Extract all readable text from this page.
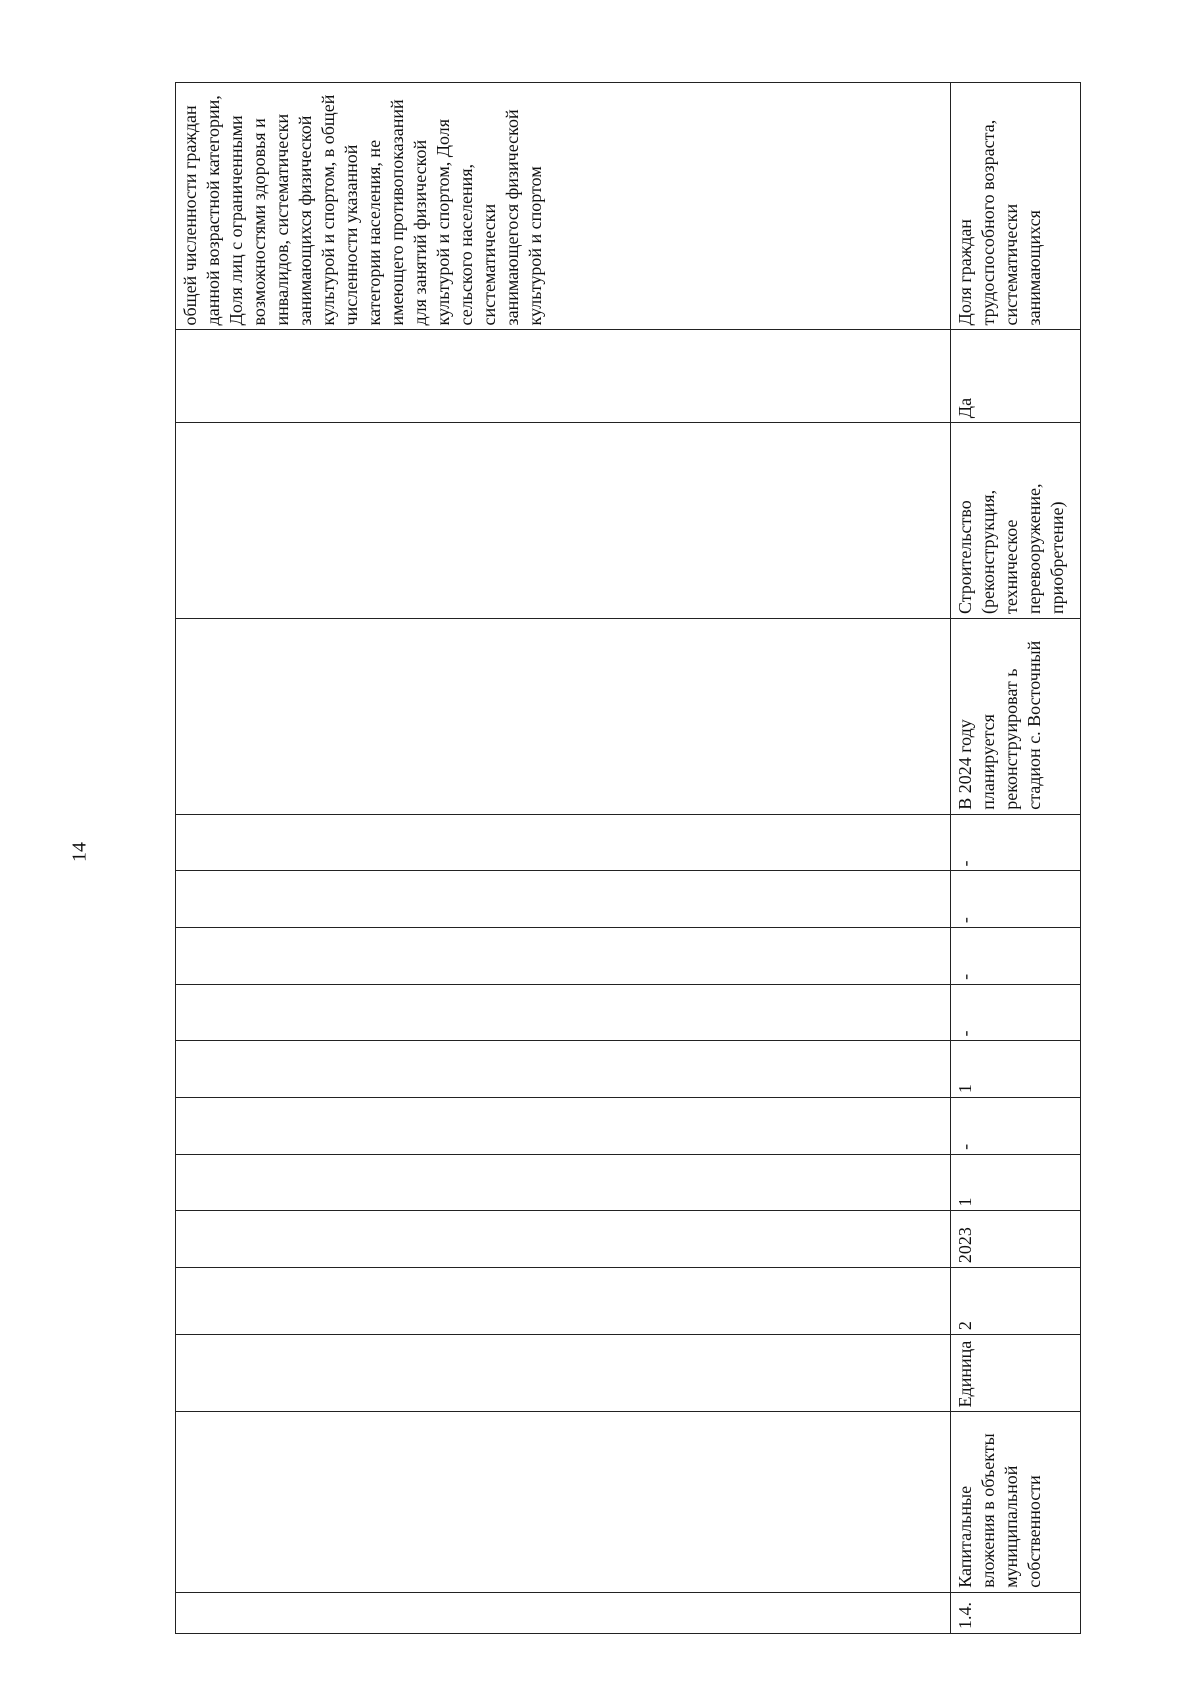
14
															общей численности граждан данной возрастной категории, Доля лиц с ограниченными возможностями здоровья и инвалидов, систематически занимающихся физической культурой и спортом, в общей численности указанной категории населения, не имеющего противопоказаний для занятий физической культурой и спортом, Доля сельского населения, систематически занимающегося физической культурой и спортом
1.4.	Капитальные вложения в объекты муниципальной собственности	Единица	2	2023	1	-	1	-	-	-	-	В 2024 году планируется реконструироват ь стадион с. Восточный	Строительство (реконструкция, техническое перевооружение, приобретение)	Да	Доля граждан трудоспособного возраста, систематически занимающихся
